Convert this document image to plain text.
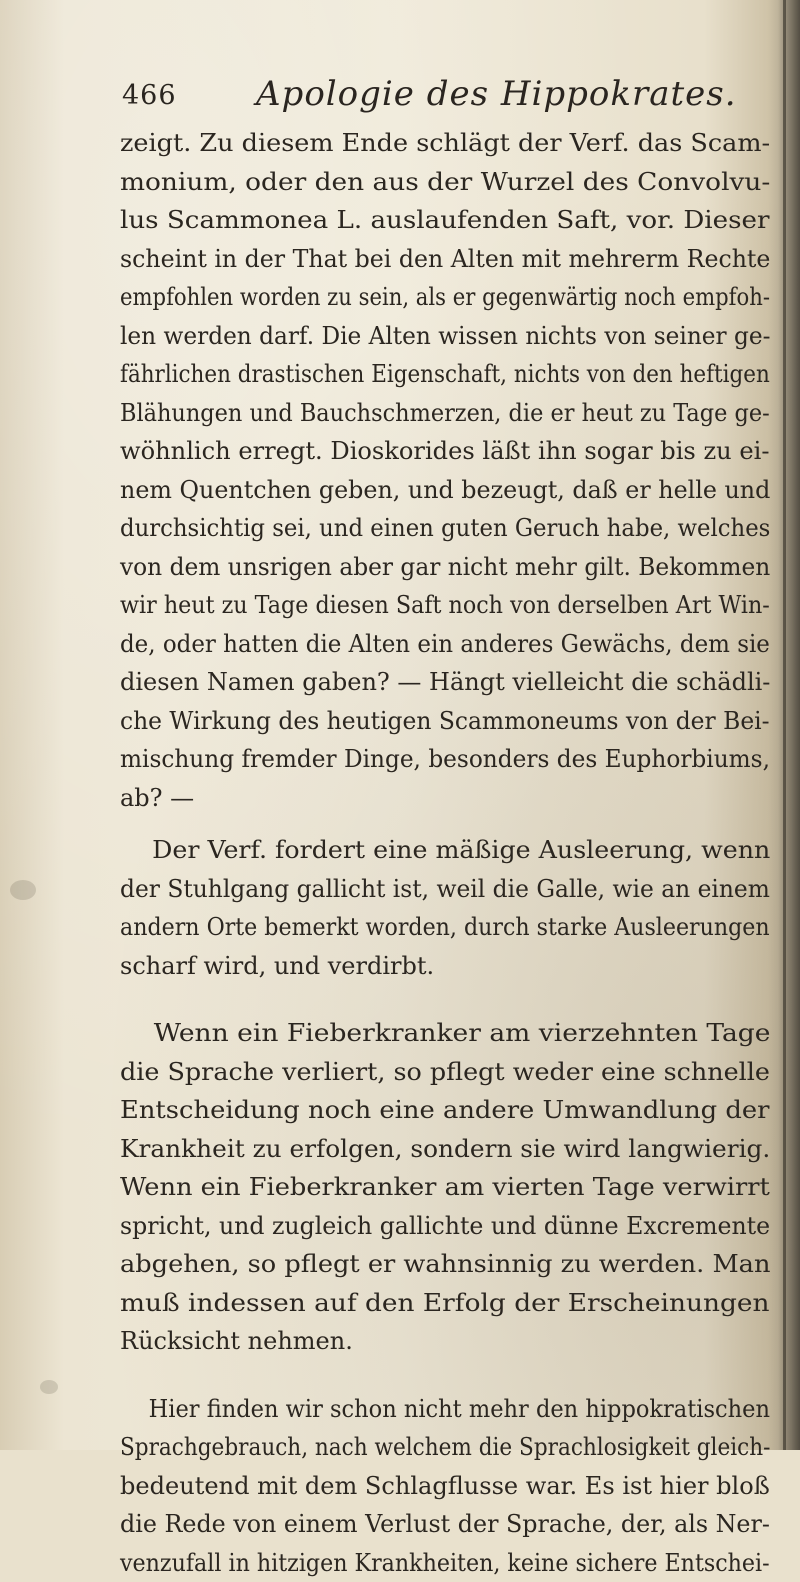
466 Apologie des Hippokrates.
zeigt. Zu diesem Ende schlägt der Verf. das Scam-
monium, oder den aus der Wurzel des Convolvu-
lus Scammonea L. auslaufenden Saft, vor. Dieser
scheint in der That bei den Alten mit mehrerm Rechte
empfohlen worden zu sein, als er gegenwärtig noch empfoh-
len werden darf. Die Alten wissen nichts von seiner ge-
fährlichen drastischen Eigenschaft, nichts von den heftigen
Blähungen und Bauchschmerzen, die er heut zu Tage ge-
wöhnlich erregt. Dioskorides läßt ihn sogar bis zu ei-
nem Quentchen geben, und bezeugt, daß er helle und
durchsichtig sei, und einen guten Geruch habe, welches
von dem unsrigen aber gar nicht mehr gilt. Bekommen
wir heut zu Tage diesen Saft noch von derselben Art Win-
de, oder hatten die Alten ein anderes Gewächs, dem sie
diesen Namen gaben? — Hängt vielleicht die schädli-
che Wirkung des heutigen Scammoneums von der Bei-
mischung fremder Dinge, besonders des Euphorbiums,
ab? —
Der Verf. fordert eine mäßige Ausleerung, wenn
der Stuhlgang gallicht ist, weil die Galle, wie an einem
andern Orte bemerkt worden, durch starke Ausleerungen
scharf wird, und verdirbt.
Wenn ein Fieberkranker am vierzehnten Tage
die Sprache verliert, so pflegt weder eine schnelle
Entscheidung noch eine andere Umwandlung der
Krankheit zu erfolgen, sondern sie wird langwierig.
Wenn ein Fieberkranker am vierten Tage verwirrt
spricht, und zugleich gallichte und dünne Excremente
abgehen, so pflegt er wahnsinnig zu werden. Man
muß indessen auf den Erfolg der Erscheinungen
Rücksicht nehmen.
Hier finden wir schon nicht mehr den hippokratischen
Sprachgebrauch, nach welchem die Sprachlosigkeit gleich-
bedeutend mit dem Schlagflusse war. Es ist hier bloß
die Rede von einem Verlust der Sprache, der, als Ner-
venzufall in hitzigen Krankheiten, keine sichere Entschei-
